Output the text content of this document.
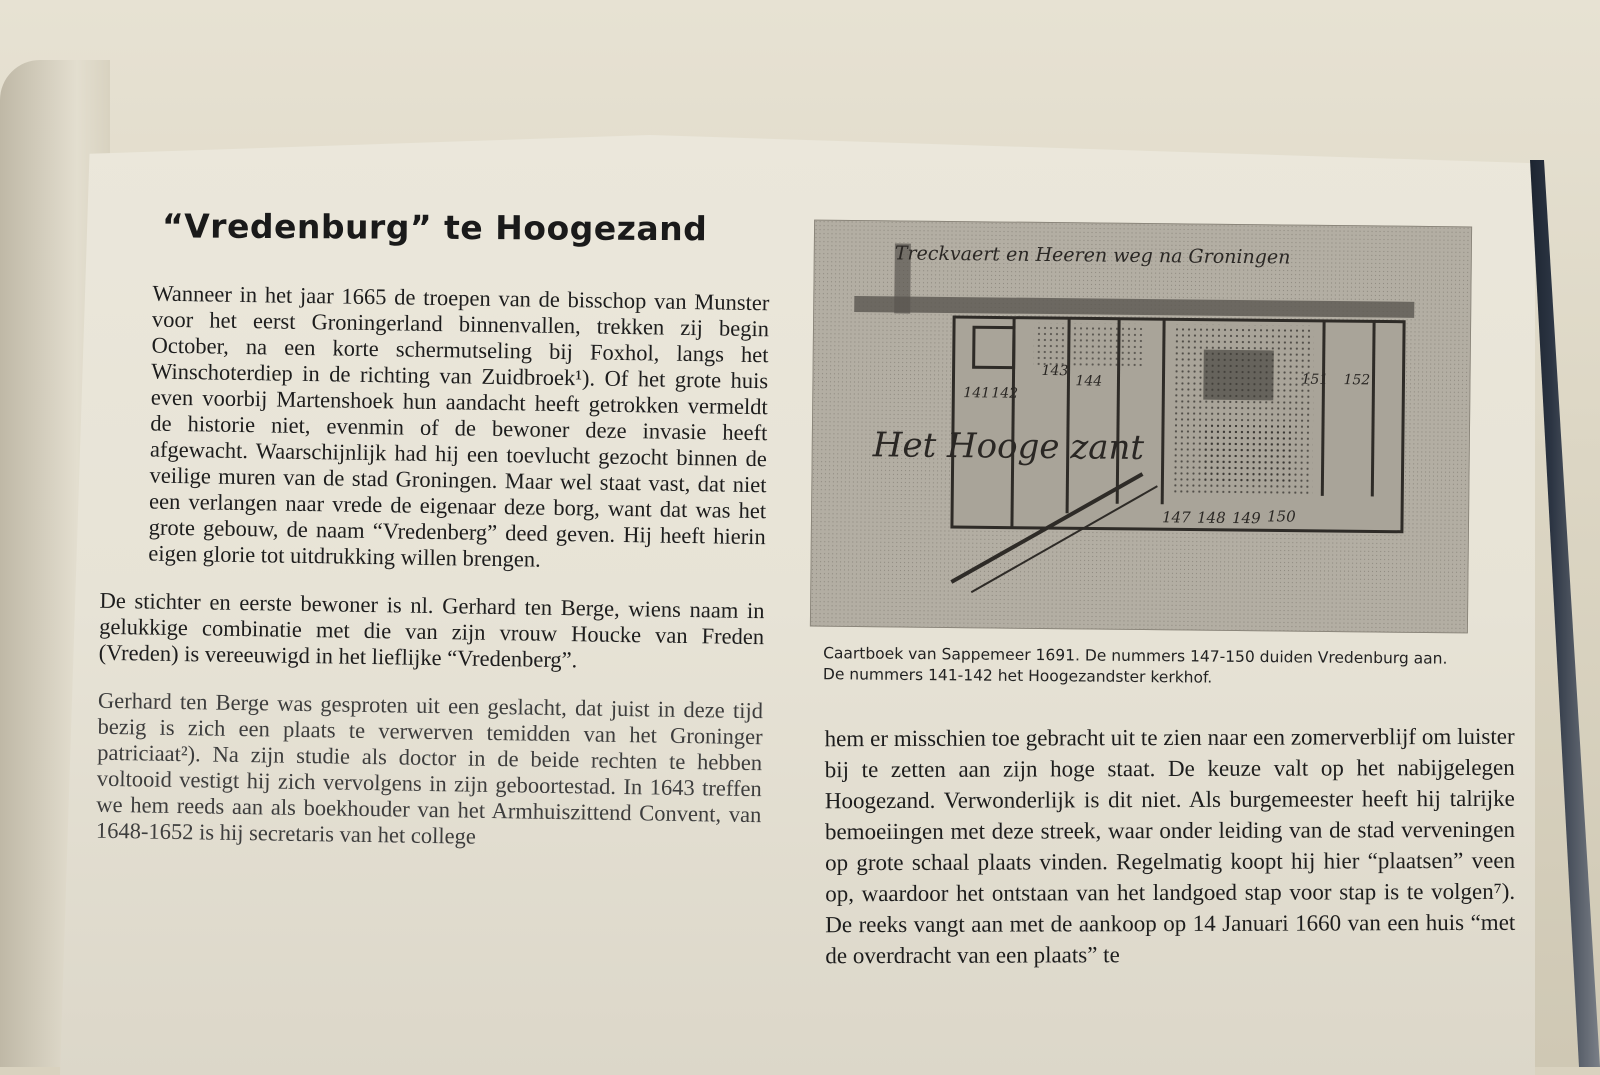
“Vredenburg” te Hoogezand

Wanneer in het jaar 1665 de troepen van de bisschop van Munster voor het eerst Groningerland binnenvallen, trekken zij begin October, na een korte schermutseling bij Foxhol, langs het Winschoterdiep in de richting van Zuidbroek¹). Of het grote huis even voorbij Martenshoek hun aandacht heeft getrokken vermeldt de historie niet, evenmin of de bewoner deze invasie heeft afgewacht. Waarschijnlijk had hij een toevlucht gezocht binnen de veilige muren van de stad Groningen. Maar wel staat vast, dat niet een verlangen naar vrede de eigenaar deze borg, want dat was het grote gebouw, de naam “Vredenberg” deed geven. Hij heeft hierin eigen glorie tot uitdrukking willen brengen.

De stichter en eerste bewoner is nl. Gerhard ten Berge, wiens naam in gelukkige combinatie met die van zijn vrouw Houcke van Freden (Vreden) is vereeuwigd in het lieflijke “Vredenberg”.

Gerhard ten Berge was gesproten uit een geslacht, dat juist in deze tijd bezig is zich een plaats te verwerven temidden van het Groninger patriciaat²). Na zijn studie als doctor in de beide rechten te hebben voltooid vestigt hij zich vervolgens in zijn geboortestad. In 1643 treffen we hem reeds aan als boekhouder van het Armhuiszittend Convent, van 1648-1652 is hij secretaris van het college

Treckvaert en Heeren weg na Groningen
Het Hooge zant
147 148 149 150
141 142
143
144	151 152
Caartboek van Sappemeer 1691. De nummers 147-150 duiden Vredenburg aan. De nummers 141-142 het Hoogezandster kerkhof.

hem er misschien toe gebracht uit te zien naar een zomerverblijf om luister bij te zetten aan zijn hoge staat. De keuze valt op het nabijgelegen Hoogezand. Verwonderlijk is dit niet. Als burgemeester heeft hij talrijke bemoeiingen met deze streek, waar onder leiding van de stad verveningen op grote schaal plaats vinden. Regelmatig koopt hij hier “plaatsen” veen op, waardoor het ontstaan van het landgoed stap voor stap is te volgen⁷). De reeks vangt aan met de aankoop op 14 Januari 1660 van een huis “met de overdracht van een plaats” te
